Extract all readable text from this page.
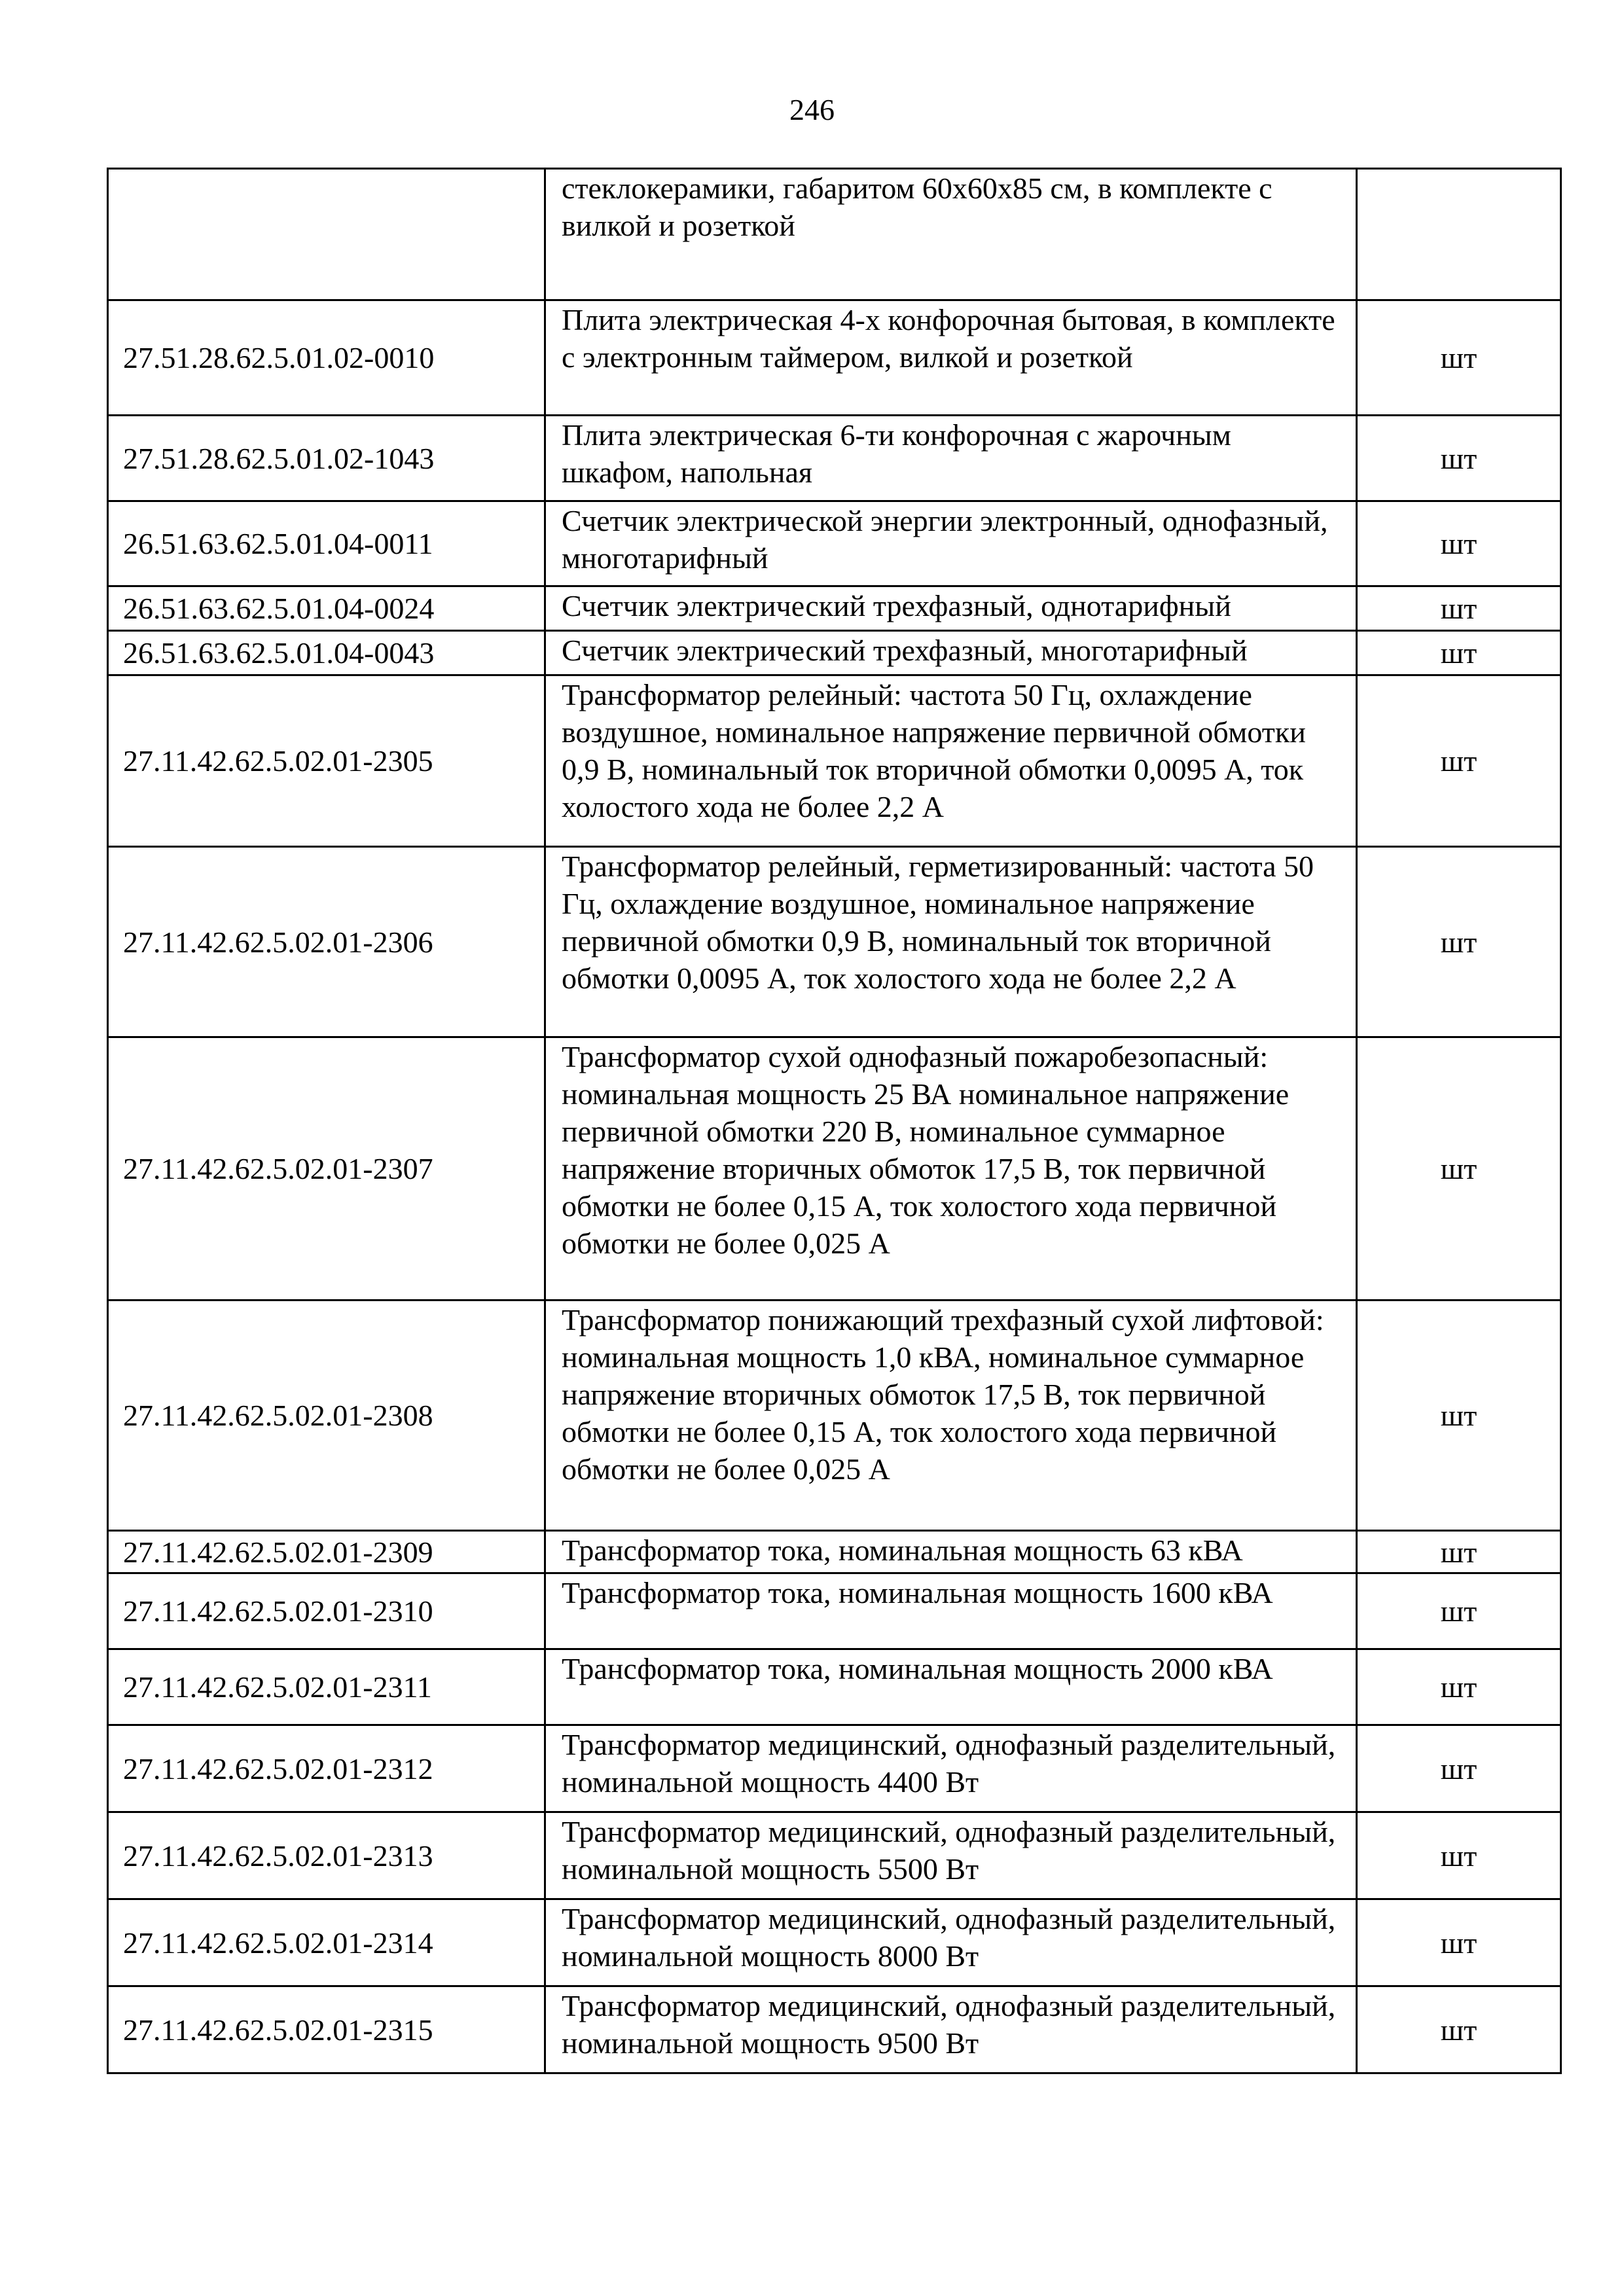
246
	стеклокерамики, габаритом 60х60х85 см, в комплекте с вилкой и розеткой	
27.51.28.62.5.01.02-0010	Плита электрическая 4-х конфорочная бытовая, в комплекте с электронным таймером, вилкой и розеткой	шт
27.51.28.62.5.01.02-1043	Плита электрическая 6-ти конфорочная с жарочным шкафом, напольная	шт
26.51.63.62.5.01.04-0011	Счетчик электрической энергии электронный, однофазный, многотарифный	шт
26.51.63.62.5.01.04-0024	Счетчик электрический трехфазный, однотарифный	шт
26.51.63.62.5.01.04-0043	Счетчик электрический трехфазный, многотарифный	шт
27.11.42.62.5.02.01-2305	Трансформатор релейный: частота 50 Гц, охлаждение воздушное, номинальное напряжение первичной обмотки 0,9 В, номинальный ток вторичной обмотки 0,0095 А, ток холостого хода не более 2,2 А	шт
27.11.42.62.5.02.01-2306	Трансформатор релейный, герметизированный: частота 50 Гц, охлаждение воздушное, номинальное напряжение первичной обмотки 0,9 В, номинальный ток вторичной обмотки 0,0095 А, ток холостого хода не более 2,2 А	шт
27.11.42.62.5.02.01-2307	Трансформатор сухой однофазный пожаробезопасный: номинальная мощность 25 ВА номинальное напряжение первичной обмотки 220 В, номинальное суммарное напряжение вторичных обмоток 17,5 В, ток первичной обмотки не более 0,15 А, ток холостого хода первичной обмотки не более 0,025 А	шт
27.11.42.62.5.02.01-2308	Трансформатор понижающий трехфазный сухой лифтовой: номинальная мощность 1,0 кВА, номинальное суммарное напряжение вторичных обмоток 17,5 В, ток первичной обмотки не более 0,15 А, ток холостого хода первичной обмотки не более 0,025 А	шт
27.11.42.62.5.02.01-2309	Трансформатор тока, номинальная мощность 63 кВА	шт
27.11.42.62.5.02.01-2310	Трансформатор тока, номинальная мощность 1600 кВА	шт
27.11.42.62.5.02.01-2311	Трансформатор тока, номинальная мощность 2000 кВА	шт
27.11.42.62.5.02.01-2312	Трансформатор медицинский, однофазный разделительный, номинальной мощность 4400 Вт	шт
27.11.42.62.5.02.01-2313	Трансформатор медицинский, однофазный разделительный, номинальной мощность 5500 Вт	шт
27.11.42.62.5.02.01-2314	Трансформатор медицинский, однофазный разделительный, номинальной мощность 8000 Вт	шт
27.11.42.62.5.02.01-2315	Трансформатор медицинский, однофазный разделительный, номинальной мощность 9500 Вт	шт
